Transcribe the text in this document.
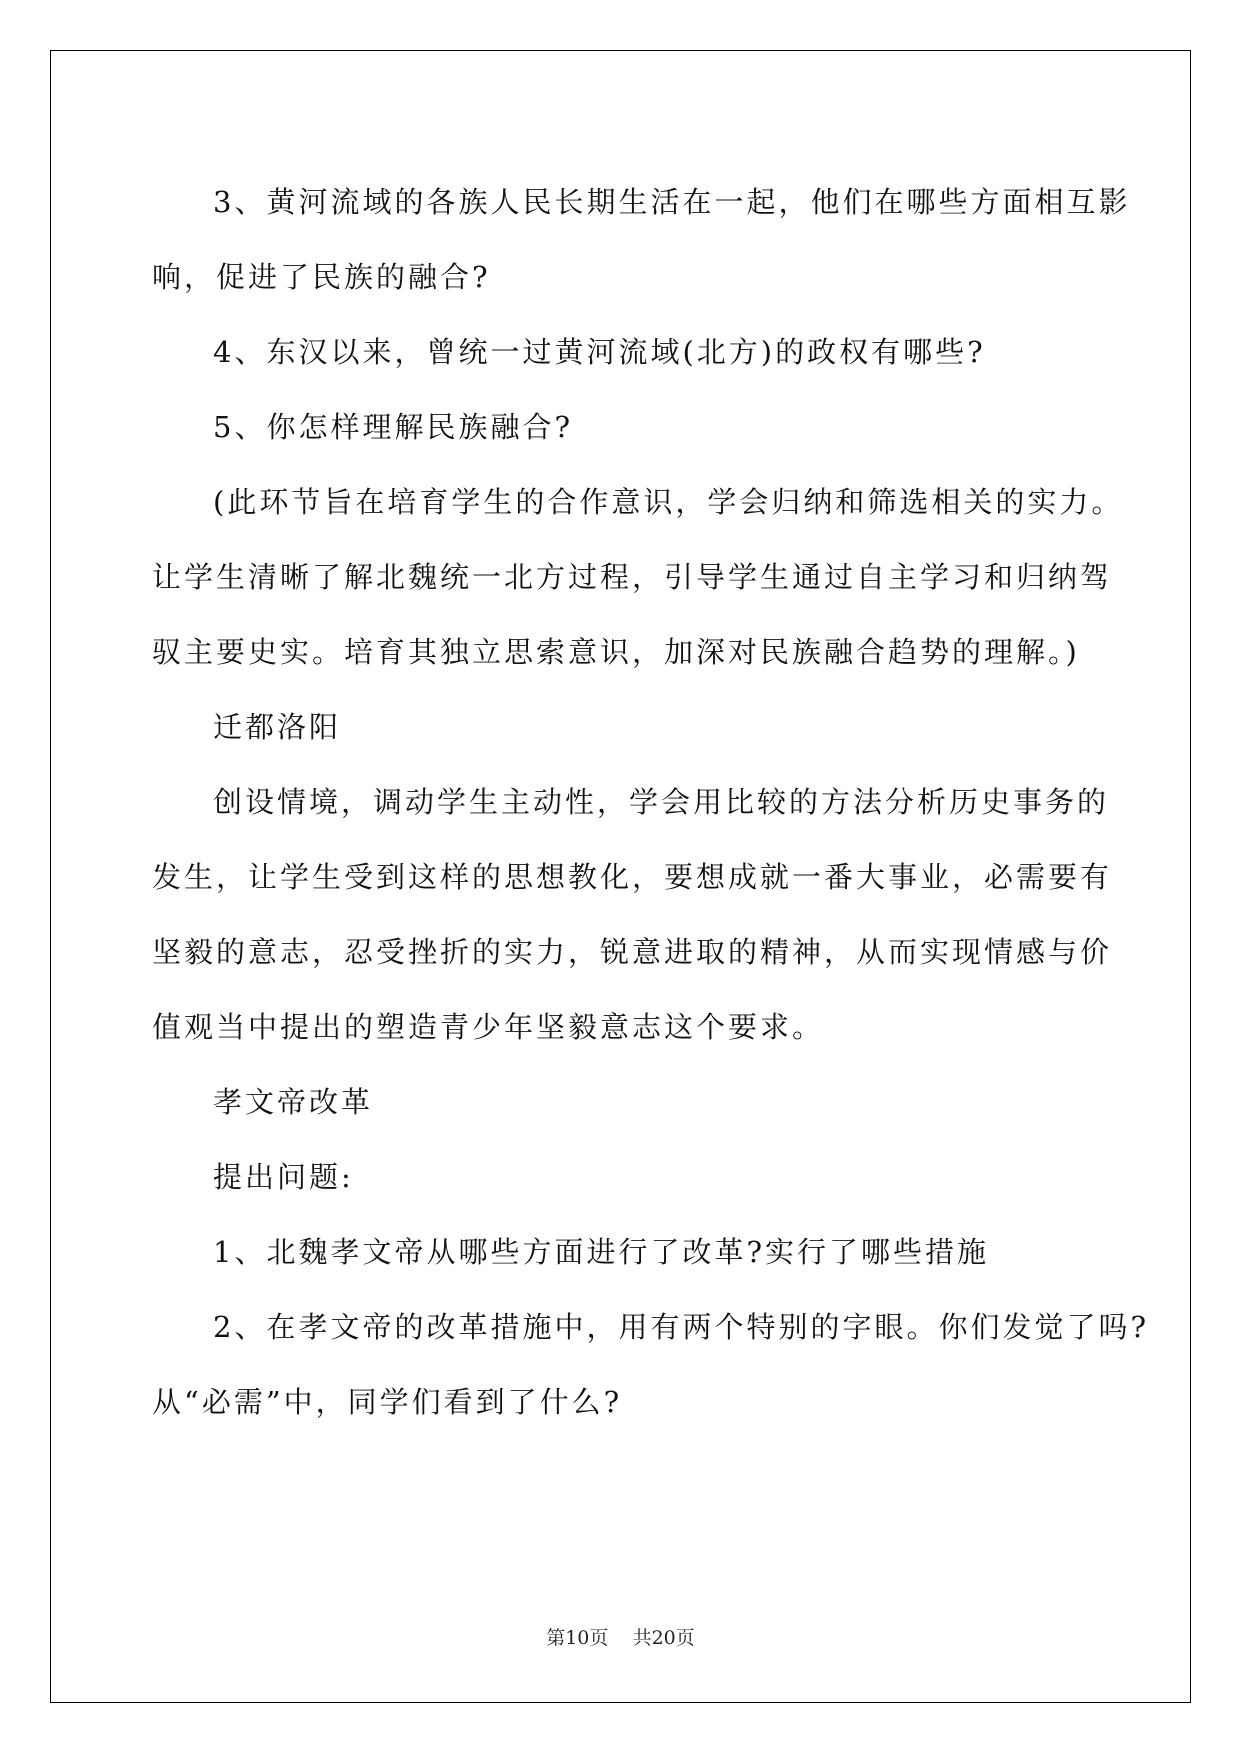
3、黄河流域的各族人民长期生活在一起，他们在哪些方面相互影

响，促进了民族的融合?

4、东汉以来，曾统一过黄河流域(北方)的政权有哪些?

5、你怎样理解民族融合?

(此环节旨在培育学生的合作意识，学会归纳和筛选相关的实力。

让学生清晰了解北魏统一北方过程，引导学生通过自主学习和归纳驾

驭主要史实。培育其独立思索意识，加深对民族融合趋势的理解。)

迁都洛阳

创设情境，调动学生主动性，学会用比较的方法分析历史事务的

发生，让学生受到这样的思想教化，要想成就一番大事业，必需要有

坚毅的意志，忍受挫折的实力，锐意进取的精神，从而实现情感与价

值观当中提出的塑造青少年坚毅意志这个要求。

孝文帝改革

提出问题:

1、北魏孝文帝从哪些方面进行了改革?实行了哪些措施

2、在孝文帝的改革措施中，用有两个特别的字眼。你们发觉了吗?

从“必需”中，同学们看到了什么?

第10页 共20页
